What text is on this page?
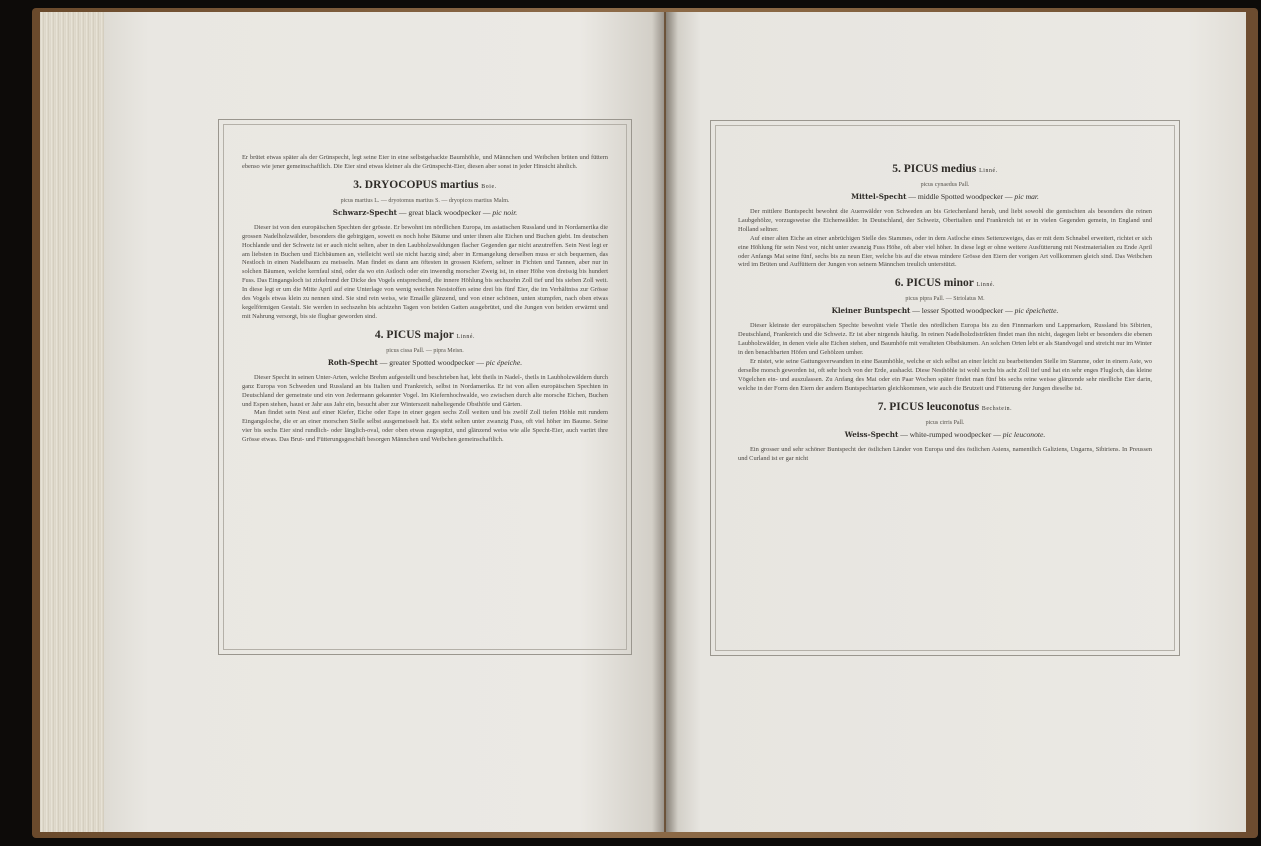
Er brütet etwas später als der Grünspecht, legt seine Eier in eine selbstgehackte Baumhöhle, und Männchen und Weibchen brüten und füttern ebenso wie jener gemeinschaftlich. Die Eier sind etwas kleiner als die Grünspecht-Eier, diesen aber sonst in jeder Hinsicht ähnlich.

3. DRYOCOPUS martius Boie.
picus martius L. — dryotomus martius S. — dryopicos martius Malm.
Schwarz-Specht — great black woodpecker — pic noir.

Dieser ist von den europäischen Spechten der grösste. Er bewohnt im nördlichen Europa, im asiatischen Russland und in Nordamerika die grossen Nadelholzwälder, besonders die gebirgigen, soweit es noch hohe Bäume und unter ihnen alte Eichen und Buchen giebt. Im deutschen Hochlande und der Schweiz ist er auch nicht selten, aber in den Laubholzwaldungen flacher Gegenden gar nicht anzutreffen. Sein Nest legt er am liebsten in Buchen und Eichbäumen an, vielleicht weil sie nicht harzig sind; aber in Ermangelung derselben muss er sich bequemen, das Nestloch in einen Nadelbaum zu meisseln. Man findet es dann am öftesten in grossen Kiefern, seltner in Fichten und Tannen, aber nur in solchen Bäumen, welche kernfaul sind, oder da wo ein Astloch oder ein inwendig morscher Zweig ist, in einer Höhe von dreissig bis hundert Fuss. Das Eingangsloch ist zirkelrund der Dicke des Vogels entsprechend, die innere Höhlung bis sechszehn Zoll tief und bis sieben Zoll weit. In diese legt er um die Mitte April auf eine Unterlage von wenig weichen Neststoffen seine drei bis fünf Eier, die im Verhältniss zur Grösse des Vogels etwas klein zu nennen sind. Sie sind rein weiss, wie Emaille glänzend, und von einer schönen, unten stumpfen, nach oben etwas kegelförmigen Gestalt. Sie werden in sechszehn bis achtzehn Tagen von beiden Gatten ausgebrütet, und die Jungen von beiden erwärmt und mit Nahrung versorgt, bis sie flugbar geworden sind.

4. PICUS major Linné.
picus cissa Pall. — pipra Meisn.
Roth-Specht — greater Spotted woodpecker — pic épeiche.

Dieser Specht in seinen Unter-Arten, welche Brehm aufgestellt und beschrieben hat, lebt theils in Nadel-, theils in Laubholzwäldern durch ganz Europa von Schweden und Russland an bis Italien und Frankreich, selbst in Nordamerika. Er ist von allen europäischen Spechten in Deutschland der gemeinste und ein von Jedermann gekannter Vogel. Im Kiefernhochwalde, wo zwischen durch alte morsche Eichen, Buchen und Espen stehen, haust er Jahr aus Jahr ein, besucht aber zur Winterszeit naheliegende Obsthöfe und Gärten.

Man findet sein Nest auf einer Kiefer, Eiche oder Espe in einer gegen sechs Zoll weiten und bis zwölf Zoll tiefen Höhle mit rundem Eingangsloche, die er an einer morschen Stelle selbst ausgemeisselt hat. Es steht selten unter zwanzig Fuss, oft viel höher im Baume. Seine vier bis sechs Eier sind rundlich- oder länglich-oval, oder oben etwas zugespitzt, und glänzend weiss wie alle Specht-Eier, auch variirt ihre Grösse etwas. Das Brut- und Fütterungsgeschäft besorgen Männchen und Weibchen gemeinschaftlich.

5. PICUS medius Linné.
picus cynaedus Pall.
Mittel-Specht — middle Spotted woodpecker — pic mar.

Der mittlere Buntspecht bewohnt die Auenwälder von Schweden an bis Griechenland herab, und liebt sowohl die gemischten als besonders die reinen Laubgehölze, vorzugsweise die Eichenwälder. In Deutschland, der Schweiz, Oberitalien und Frankreich ist er in vielen Gegenden gemein, in England und Holland seltner.

Auf einer alten Eiche an einer anbrüchigen Stelle des Stammes, oder in dem Astloche eines Seitenzweiges, das er mit dem Schnabel erweitert, richtet er sich eine Höhlung für sein Nest vor, nicht unter zwanzig Fuss Höhe, oft aber viel höher. In diese legt er ohne weitere Ausfütterung mit Nestmaterialien zu Ende April oder Anfangs Mai seine fünf, sechs bis zu neun Eier, welche bis auf die etwas mindere Grösse den Eiern der vorigen Art vollkommen gleich sind. Das Weibchen wird im Brüten und Auffüttern der Jungen von seinem Männchen treulich unterstützt.

6. PICUS minor Linné.
picus pipra Pall. — Striolatus M.
Kleiner Buntspecht — lesser Spotted woodpecker — pic épeichette.

Dieser kleinste der europäischen Spechte bewohnt viele Theile des nördlichen Europa bis zu den Finnmarken und Lappmarken, Russland bis Sibirien, Deutschland, Frankreich und die Schweiz. Er ist aber nirgends häufig. In reinen Nadelholzdistrikten findet man ihn nicht, dagegen liebt er besonders die ebenen Laubholzwälder, in denen viele alte Eichen stehen, und Baumhöfe mit veralteten Obstbäumen. An solchen Orten lebt er als Standvogel und streicht nur im Winter in den benachbarten Höfen und Gehölzen umher.

Er nistet, wie seine Gattungsverwandten in eine Baumhöhle, welche er sich selbst an einer leicht zu bearbeitenden Stelle im Stamme, oder in einem Aste, wo derselbe morsch geworden ist, oft sehr hoch von der Erde, aushackt. Diese Nesthöhle ist wohl sechs bis acht Zoll tief und hat ein sehr enges Flugloch, das kleine Vögelchen ein- und auszulassen. Zu Anfang des Mai oder ein Paar Wochen später findet man fünf bis sechs reine weisse glänzende sehr niedliche Eier darin, welche in der Form den Eiern der andern Buntspechtarten gleichkommen, wie auch die Brutzeit und Fütterung der Jungen dieselbe ist.

7. PICUS leuconotus Bechstein.
picus cirris Pall.
Weiss-Specht — white-rumped woodpecker — pic leuconote.

Ein grosser und sehr schöner Buntspecht der östlichen Länder von Europa und des östlichen Asiens, namentlich Galiziens, Ungarns, Sibiriens. In Preussen und Curland ist er gar nicht
